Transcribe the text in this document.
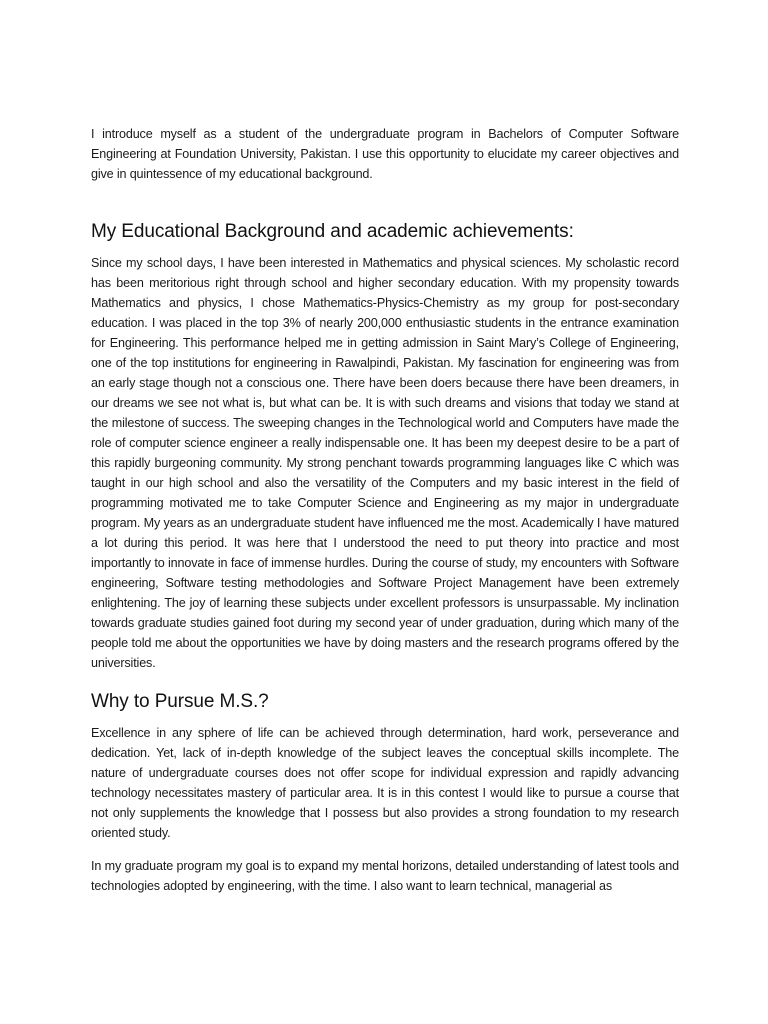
I introduce myself as a student of the undergraduate program in Bachelors of Computer Software Engineering at Foundation University, Pakistan. I use this opportunity to elucidate my career objectives and give in quintessence of my educational background.

My Educational Background and academic achievements:

Since my school days, I have been interested in Mathematics and physical sciences. My scholastic record has been meritorious right through school and higher secondary education. With my propensity towards Mathematics and physics, I chose Mathematics-Physics-Chemistry as my group for post-secondary education. I was placed in the top 3% of nearly 200,000 enthusiastic students in the entrance examination for Engineering. This performance helped me in getting admission in Saint Mary’s College of Engineering, one of the top institutions for engineering in Rawalpindi, Pakistan. My fascination for engineering was from an early stage though not a conscious one. There have been doers because there have been dreamers, in our dreams we see not what is, but what can be. It is with such dreams and visions that today we stand at the milestone of success. The sweeping changes in the Technological world and Computers have made the role of computer science engineer a really indispensable one. It has been my deepest desire to be a part of this rapidly burgeoning community. My strong penchant towards programming languages like C which was taught in our high school and also the versatility of the Computers and my basic interest in the field of programming motivated me to take Computer Science and Engineering as my major in undergraduate program. My years as an undergraduate student have influenced me the most. Academically I have matured a lot during this period. It was here that I understood the need to put theory into practice and most importantly to innovate in face of immense hurdles. During the course of study, my encounters with Software engineering, Software testing methodologies and Software Project Management have been extremely enlightening. The joy of learning these subjects under excellent professors is unsurpassable. My inclination towards graduate studies gained foot during my second year of under graduation, during which many of the people told me about the opportunities we have by doing masters and the research programs offered by the universities.

Why to Pursue M.S.?

Excellence in any sphere of life can be achieved through determination, hard work, perseverance and dedication. Yet, lack of in-depth knowledge of the subject leaves the conceptual skills incomplete. The nature of undergraduate courses does not offer scope for individual expression and rapidly advancing technology necessitates mastery of particular area. It is in this contest I would like to pursue a course that not only supplements the knowledge that I possess but also provides a strong foundation to my research oriented study.

In my graduate program my goal is to expand my mental horizons, detailed understanding of latest tools and technologies adopted by engineering, with the time. I also want to learn technical, managerial as
